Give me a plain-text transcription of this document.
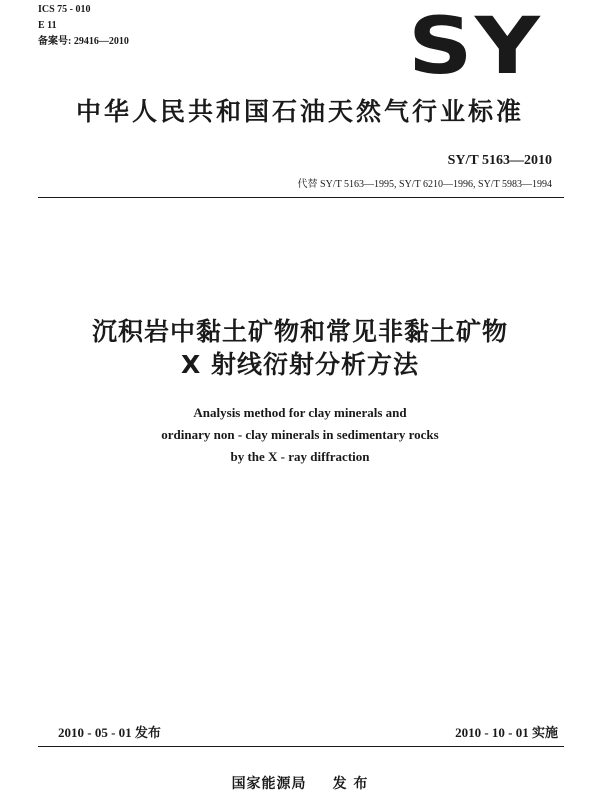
ICS 75 - 010
E 11
备案号: 29416—2010	SY
中华人民共和国石油天然气行业标准
SY/T 5163—2010
代替 SY/T 5163—1995, SY/T 6210—1996, SY/T 5983—1994
沉积岩中黏土矿物和常见非黏土矿物
X 射线衍射分析方法
Analysis method for clay minerals and
ordinary non - clay minerals in sedimentary rocks
by the X - ray diffraction
2010 - 05 - 01 发布	2010 - 10 - 01 实施
国家能源局 发 布
